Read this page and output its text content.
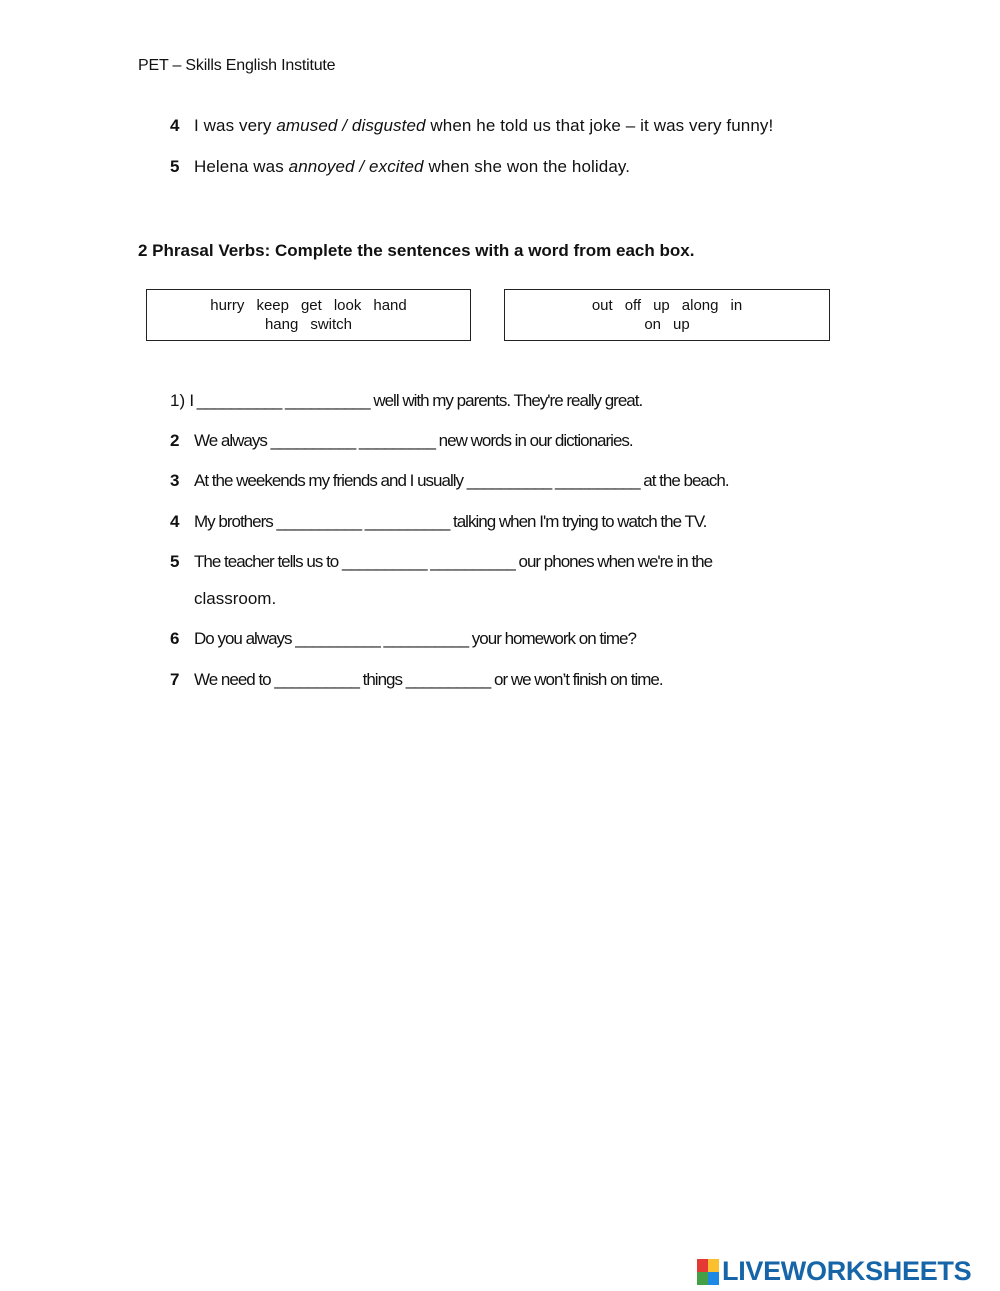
PET – Skills English Institute
4 I was very amused / disgusted when he told us that joke – it was very funny!
5 Helena was annoyed / excited when she won the holiday.
2 Phrasal Verbs: Complete the sentences with a word from each box.
hurry keep get look hand
hang switch
out off up along in
on up
1) I __________ __________ well with my parents. They're really great.
2 We always __________ _________ new words in our dictionaries.
3 At the weekends my friends and I usually __________ __________ at the beach.
4 My brothers __________ __________ talking when I'm trying to watch the TV.
5 The teacher tells us to __________ __________ our phones when we're in the
classroom.
6 Do you always __________ __________ your homework on time?
7 We need to __________ things __________ or we won’t finish on time.
LIVEWORKSHEETS
